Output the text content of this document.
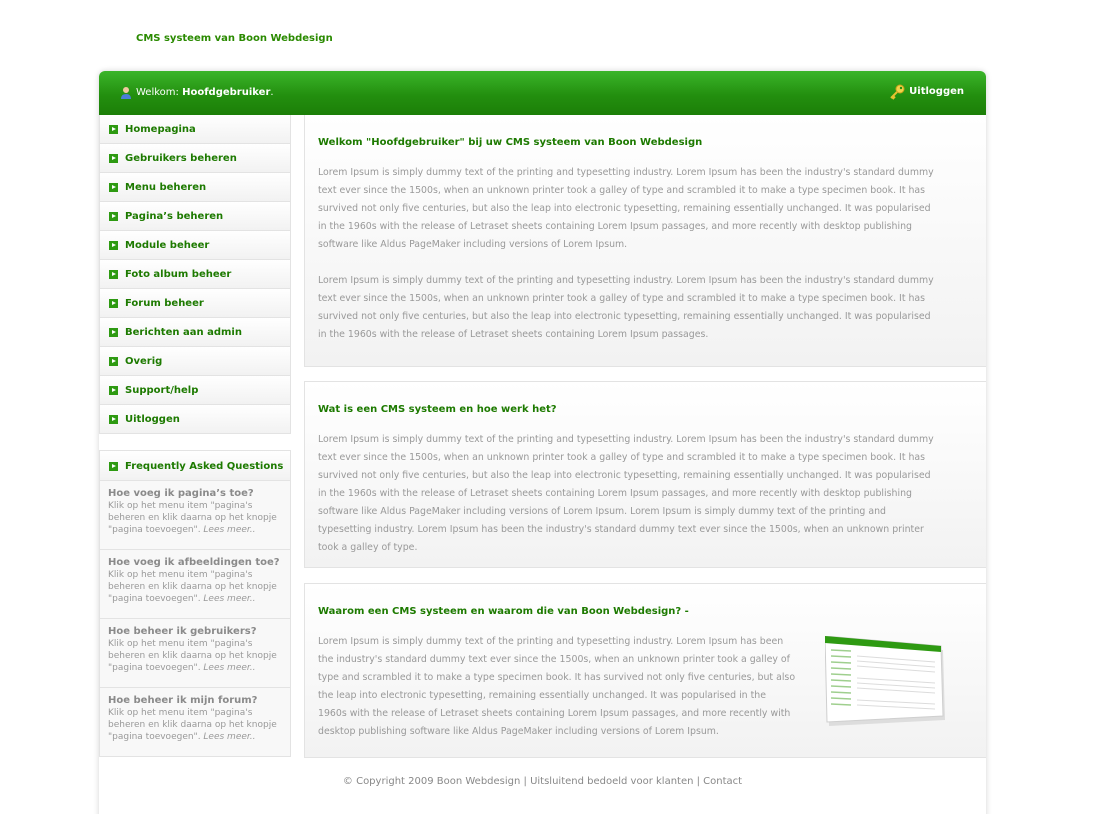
CMS systeem van Boon Webdesign
Welkom: Hoofdgebruiker.	Uitloggen
Homepagina
Gebruikers beheren
Menu beheren
Pagina’s beheren
Module beheer
Foto album beheer
Forum beheer
Berichten aan admin
Overig
Support/help
Uitloggen
Frequently Asked Questions
Hoe voeg ik pagina’s toe?
Klik op het menu item "pagina's beheren en klik daarna op het knopje "pagina toevoegen". Lees meer..
Hoe voeg ik afbeeldingen toe?
Klik op het menu item "pagina's beheren en klik daarna op het knopje "pagina toevoegen". Lees meer..
Hoe beheer ik gebruikers?
Klik op het menu item "pagina's beheren en klik daarna op het knopje "pagina toevoegen". Lees meer..
Hoe beheer ik mijn forum?
Klik op het menu item "pagina's beheren en klik daarna op het knopje "pagina toevoegen". Lees meer..
Welkom "Hoofdgebruiker" bij uw CMS systeem van Boon Webdesign

Lorem Ipsum is simply dummy text of the printing and typesetting industry. Lorem Ipsum has been the industry's standard dummy text ever since the 1500s, when an unknown printer took a galley of type and scrambled it to make a type specimen book. It has survived not only five centuries, but also the leap into electronic typesetting, remaining essentially unchanged. It was popularised in the 1960s with the release of Letraset sheets containing Lorem Ipsum passages, and more recently with desktop publishing software like Aldus PageMaker including versions of Lorem Ipsum.

Lorem Ipsum is simply dummy text of the printing and typesetting industry. Lorem Ipsum has been the industry's standard dummy text ever since the 1500s, when an unknown printer took a galley of type and scrambled it to make a type specimen book. It has survived not only five centuries, but also the leap into electronic typesetting, remaining essentially unchanged. It was popularised in the 1960s with the release of Letraset sheets containing Lorem Ipsum passages.

Wat is een CMS systeem en hoe werk het?

Lorem Ipsum is simply dummy text of the printing and typesetting industry. Lorem Ipsum has been the industry's standard dummy text ever since the 1500s, when an unknown printer took a galley of type and scrambled it to make a type specimen book. It has survived not only five centuries, but also the leap into electronic typesetting, remaining essentially unchanged. It was popularised in the 1960s with the release of Letraset sheets containing Lorem Ipsum passages, and more recently with desktop publishing software like Aldus PageMaker including versions of Lorem Ipsum. Lorem Ipsum is simply dummy text of the printing and typesetting industry. Lorem Ipsum has been the industry's standard dummy text ever since the 1500s, when an unknown printer took a galley of type.

Waarom een CMS systeem en waarom die van Boon Webdesign? -

Lorem Ipsum is simply dummy text of the printing and typesetting industry. Lorem Ipsum has been the industry's standard dummy text ever since the 1500s, when an unknown printer took a galley of type and scrambled it to make a type specimen book. It has survived not only five centuries, but also the leap into electronic typesetting, remaining essentially unchanged. It was popularised in the 1960s with the release of Letraset sheets containing Lorem Ipsum passages, and more recently with desktop publishing software like Aldus PageMaker including versions of Lorem Ipsum.

© Copyright 2009 Boon Webdesign | Uitsluitend bedoeld voor klanten | Contact
